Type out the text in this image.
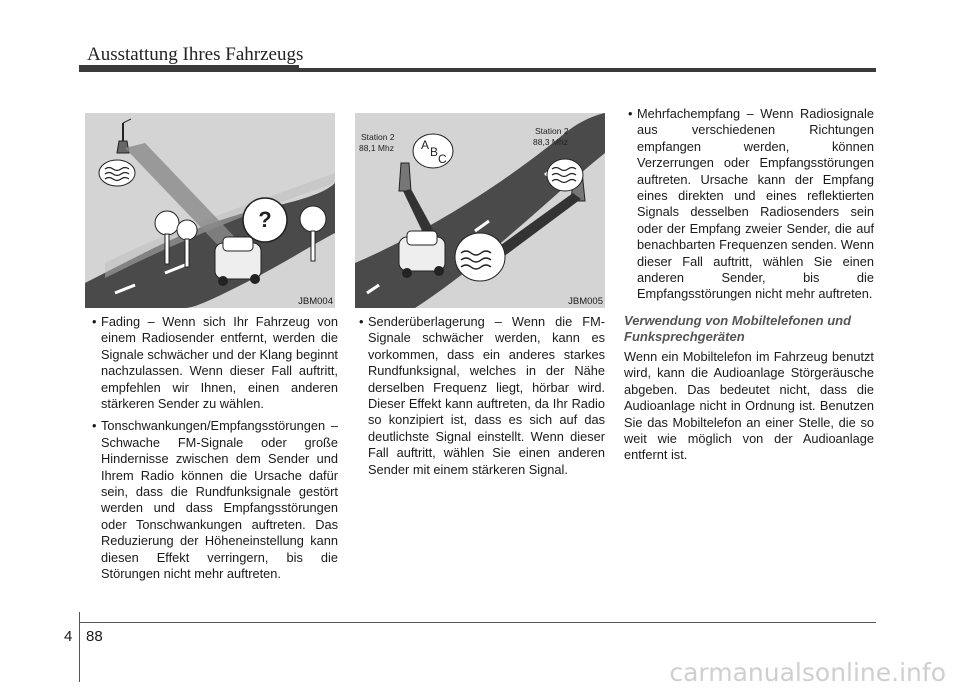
Ausstattung Ihres Fahrzeugs
?
JBM004
Station 2
88,1 Mhz
Station 2
88,3 Mhz
A B C
JBM005

• Fading – Wenn sich Ihr Fahrzeug von einem Radiosender entfernt, werden die Signale schwächer und der Klang beginnt nachzulassen. Wenn dieser Fall auftritt, empfehlen wir Ihnen, einen anderen stärkeren Sender zu wählen.

• Tonschwankungen/Empfangsstörungen – Schwache FM-Signale oder große Hindernisse zwischen dem Sender und Ihrem Radio können die Ursache dafür sein, dass die Rundfunksignale gestört werden und dass Empfangsstörungen oder Tonschwankungen auftreten. Das Reduzierung der Höheneinstellung kann diesen Effekt verringern, bis die Störungen nicht mehr auftreten.

• Senderüberlagerung – Wenn die FM-Signale schwächer werden, kann es vorkommen, dass ein anderes starkes Rundfunksignal, welches in der Nähe derselben Frequenz liegt, hörbar wird. Dieser Effekt kann auftreten, da Ihr Radio so konzipiert ist, dass es sich auf das deutlichste Signal einstellt. Wenn dieser Fall auftritt, wählen Sie einen anderen Sender mit einem stärkeren Signal.

• Mehrfachempfang – Wenn Radiosignale aus verschiedenen Richtungen empfangen werden, können Verzerrungen oder Empfangsstörungen auftreten. Ursache kann der Empfang eines direkten und eines reflektierten Signals desselben Radiosenders sein oder der Empfang zweier Sender, die auf benachbarten Frequenzen senden. Wenn dieser Fall auftritt, wählen Sie einen anderen Sender, bis die Empfangsstörungen nicht mehr auftreten.

Verwendung von Mobiltelefonen und Funksprechgeräten

Wenn ein Mobiltelefon im Fahrzeug benutzt wird, kann die Audioanlage Störgeräusche abgeben. Das bedeutet nicht, dass die Audioanlage nicht in Ordnung ist. Benutzen Sie das Mobiltelefon an einer Stelle, die so weit wie möglich von der Audioanlage entfernt ist.

4 88
carmanualsonline.info
